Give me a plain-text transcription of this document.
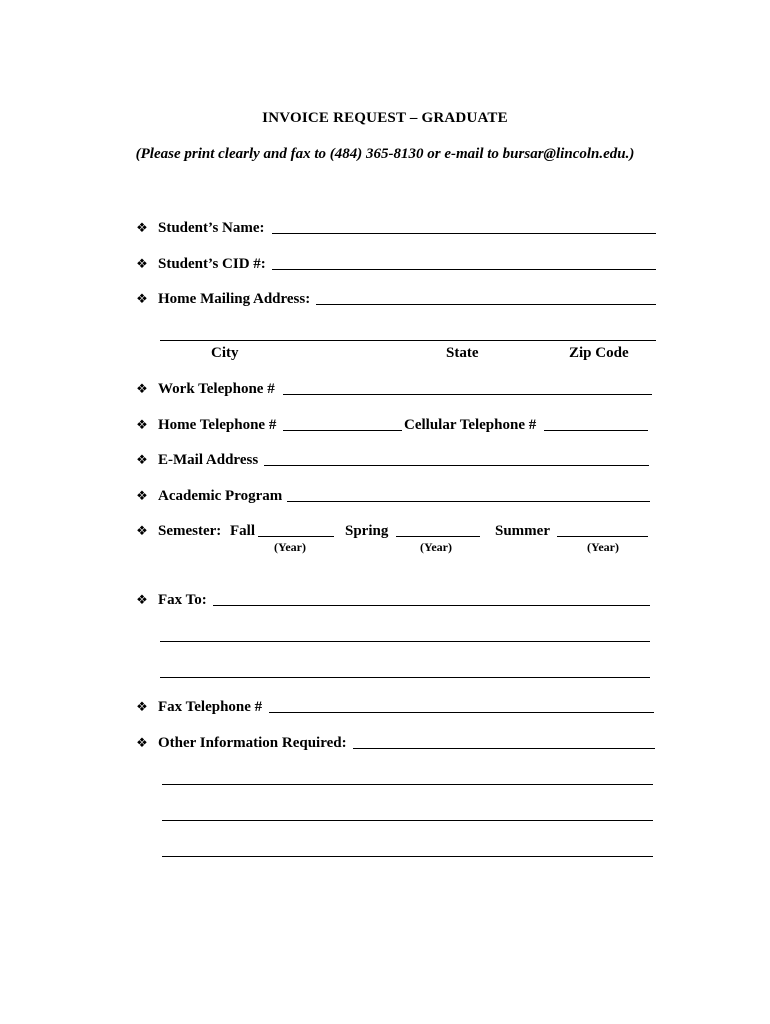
INVOICE REQUEST – GRADUATE
(Please print clearly and fax to (484) 365-8130 or e-mail to bursar@lincoln.edu.)
❖ Student’s Name:
❖ Student’s CID #:
❖ Home Mailing Address:
City	State	Zip Code
❖ Work Telephone #
❖ Home Telephone #	Cellular Telephone #
❖ E-Mail Address
❖ Academic Program
❖ Semester: Fall
(Year)
Spring
(Year)
Summer
(Year)
❖ Fax To:
❖ Fax Telephone #
❖ Other Information Required:
